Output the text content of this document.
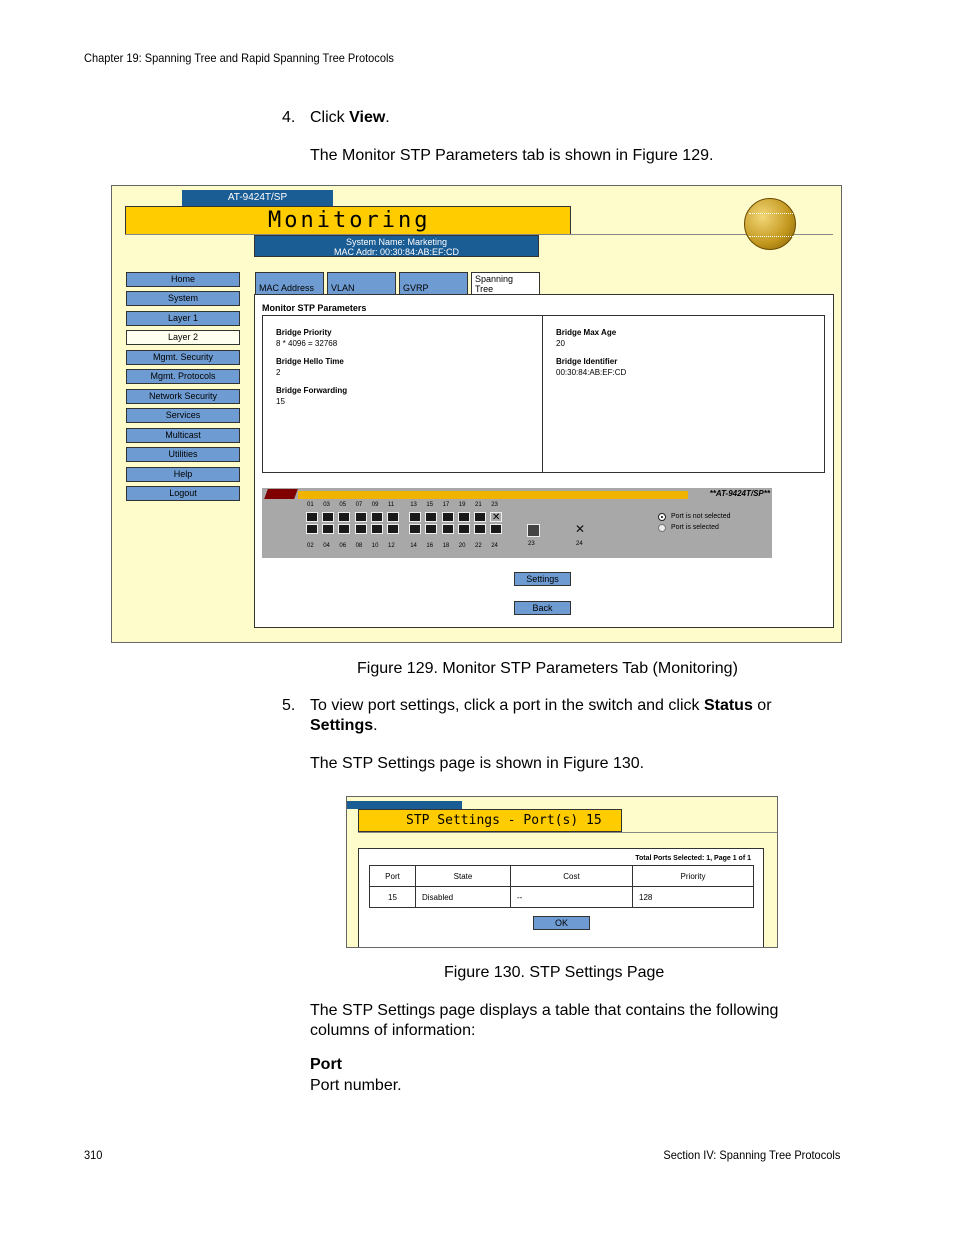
Chapter 19: Spanning Tree and Rapid Spanning Tree Protocols
4. Click View.
The Monitor STP Parameters tab is shown in Figure 129.
AT-9424T/SP
Monitoring
System Name: Marketing
MAC Addr: 00:30:84:AB:EF:CD
Home
System
Layer 1
Layer 2
Mgmt. Security
Mgmt. Protocols
Network Security
Services
Multicast
Utilities
Help
Logout
MAC Address	VLAN	GVRP
Spanning
Tree
Monitor STP Parameters
Bridge Priority
8 * 4096 = 32768
Bridge Hello Time
2
Bridge Forwarding
15
Bridge Max Age
20
Bridge Identifier
00:30:84:AB:EF:CD
**AT-9424T/SP**
01 03 05 07 09 11	13 15 17 19 21 23
✕
02 04 06 08 10 12	14 16 18 20 22 24	23
✕
24
Port is not selected
Port is selected
Settings
Back
Figure 129. Monitor STP Parameters Tab (Monitoring)
5. To view port settings, click a port in the switch and click Status or
Settings.
The STP Settings page is shown in Figure 130.
STP Settings - Port(s) 15
Total Ports Selected: 1, Page 1 of 1
Port	State	Cost	Priority
15	Disabled	--	128
OK
Figure 130. STP Settings Page
The STP Settings page displays a table that contains the following
columns of information:
Port
Port number.
310	Section IV: Spanning Tree Protocols
